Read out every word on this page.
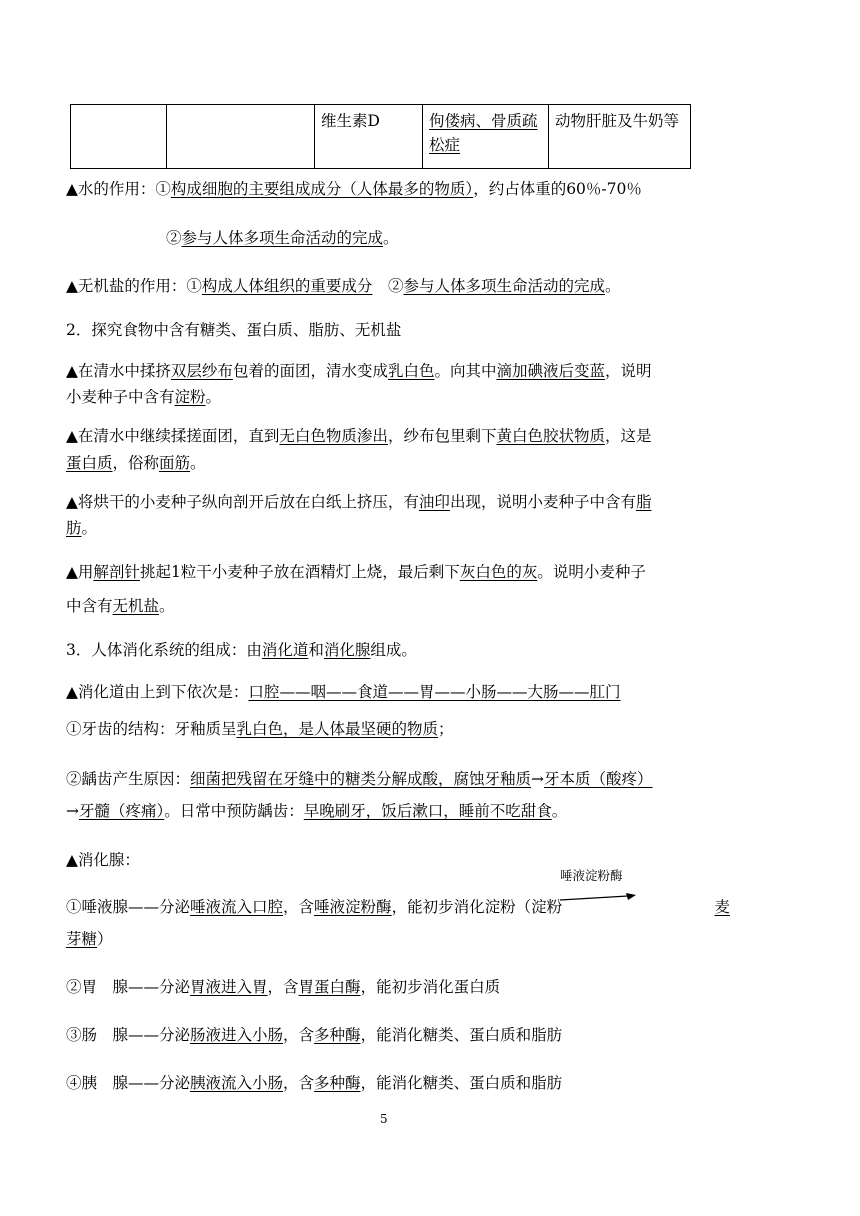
		维生素D	佝偻病、骨质疏松症	动物肝脏及牛奶等
▲水的作用：①构成细胞的主要组成成分（人体最多的物质），约占体重的60％-70％
②参与人体多项生命活动的完成。
▲无机盐的作用：①构成人体组织的重要成分　②参与人体多项生命活动的完成。
2．探究食物中含有糖类、蛋白质、脂肪、无机盐
▲在清水中揉挤双层纱布包着的面团，清水变成乳白色。向其中滴加碘液后变蓝，说明
小麦种子中含有淀粉。
▲在清水中继续揉搓面团，直到无白色物质渗出，纱布包里剩下黄白色胶状物质，这是
蛋白质，俗称面筋。
▲将烘干的小麦种子纵向剖开后放在白纸上挤压，有油印出现，说明小麦种子中含有脂
肪。
▲用解剖针挑起1粒干小麦种子放在酒精灯上烧，最后剩下灰白色的灰。说明小麦种子
中含有无机盐。
3．人体消化系统的组成：由消化道和消化腺组成。
▲消化道由上到下依次是：口腔——咽——食道——胃——小肠——大肠——肛门
①牙齿的结构：牙釉质呈乳白色，是人体最坚硬的物质；
②龋齿产生原因：细菌把残留在牙缝中的糖类分解成酸，腐蚀牙釉质→牙本质（酸疼）
→牙髓（疼痛）。日常中预防龋齿：早晚刷牙，饭后漱口，睡前不吃甜食。
▲消化腺：
唾液淀粉酶
①唾液腺——分泌唾液流入口腔，含唾液淀粉酶，能初步消化淀粉（淀粉	麦
芽糖）
②胃　腺——分泌胃液进入胃，含胃蛋白酶，能初步消化蛋白质
③肠　腺——分泌肠液进入小肠，含多种酶，能消化糖类、蛋白质和脂肪
④胰　腺——分泌胰液流入小肠，含多种酶，能消化糖类、蛋白质和脂肪
5
